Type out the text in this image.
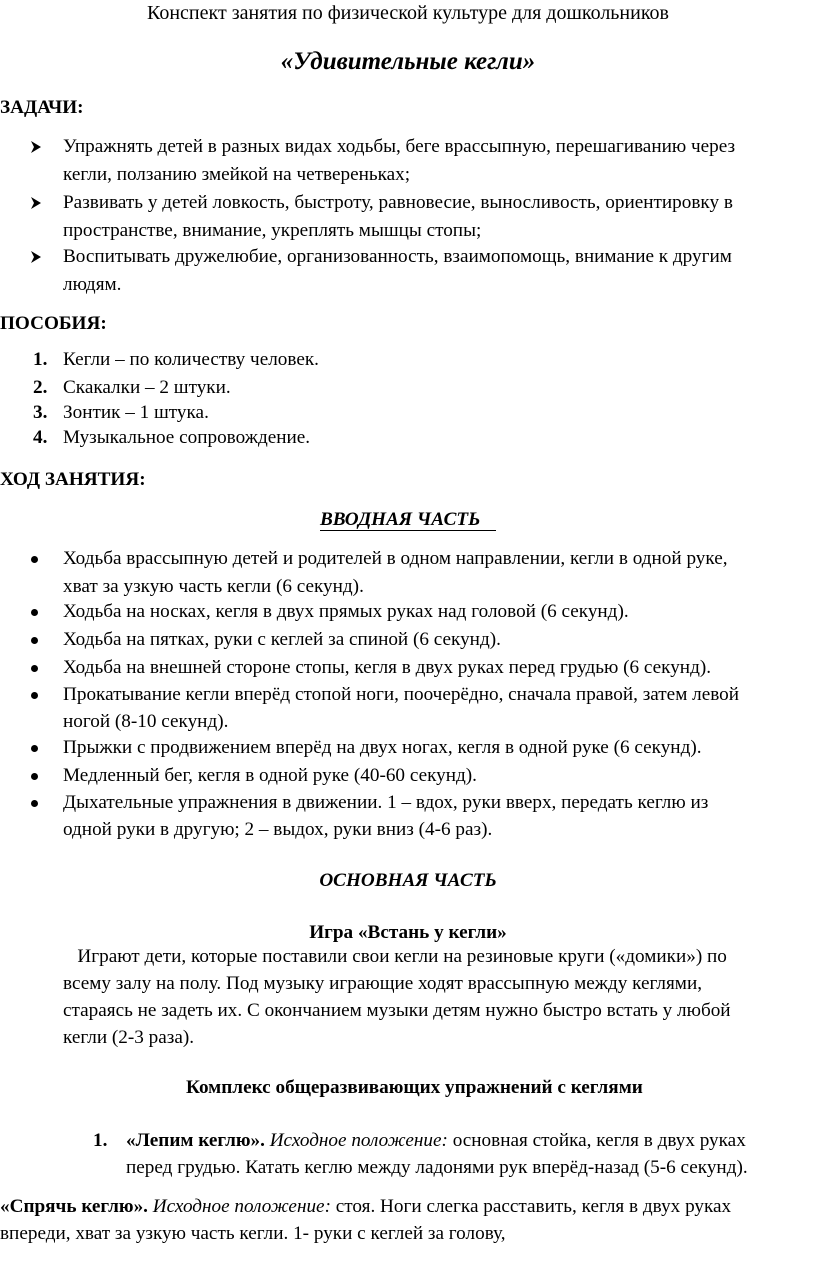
Конспект занятия по физической культуре для дошкольников
«Удивительные кегли»
ЗАДАЧИ:
Упражнять детей в разных видах ходьбы, беге врассыпную, перешагиванию через
кегли, ползанию змейкой на четвереньках;
Развивать у детей ловкость, быстроту, равновесие, выносливость, ориентировку в
пространстве, внимание, укреплять мышцы стопы;
Воспитывать дружелюбие, организованность, взаимопомощь, внимание к другим
людям.
ПОСОБИЯ:
1. Кегли – по количеству человек.
2. Скакалки – 2 штуки.
3. Зонтик – 1 штука.
4. Музыкальное сопровождение.
ХОД ЗАНЯТИЯ:
ВВОДНАЯ ЧАСТЬ
Ходьба врассыпную детей и родителей в одном направлении, кегли в одной руке,
хват за узкую часть кегли (6 секунд).
Ходьба на носках, кегля в двух прямых руках над головой (6 секунд).
Ходьба на пятках, руки с кеглей за спиной (6 секунд).
Ходьба на внешней стороне стопы, кегля в двух руках перед грудью (6 секунд).
Прокатывание кегли вперёд стопой ноги, поочерёдно, сначала правой, затем левой
ногой (8-10 секунд).
Прыжки с продвижением вперёд на двух ногах, кегля в одной руке (6 секунд).
Медленный бег, кегля в одной руке (40-60 секунд).
Дыхательные упражнения в движении. 1 – вдох, руки вверх, передать кеглю из
одной руки в другую; 2 – выдох, руки вниз (4-6 раз).
ОСНОВНАЯ ЧАСТЬ
Игра «Встань у кегли»
Играют дети, которые поставили свои кегли на резиновые круги («домики») по
всему залу на полу. Под музыку играющие ходят врассыпную между кеглями,
стараясь не задеть их. С окончанием музыки детям нужно быстро встать у любой
кегли (2-3 раза).
Комплекс общеразвивающих упражнений с кеглями
1. «Лепим кеглю». Исходное положение: основная стойка, кегля в двух руках
перед грудью. Катать кеглю между ладонями рук вперёд-назад (5-6 секунд).
«Спрячь кеглю». Исходное положение: стоя. Ноги слегка расставить, кегля в двух руках
впереди, хват за узкую часть кегли. 1- руки с кеглей за голову,
